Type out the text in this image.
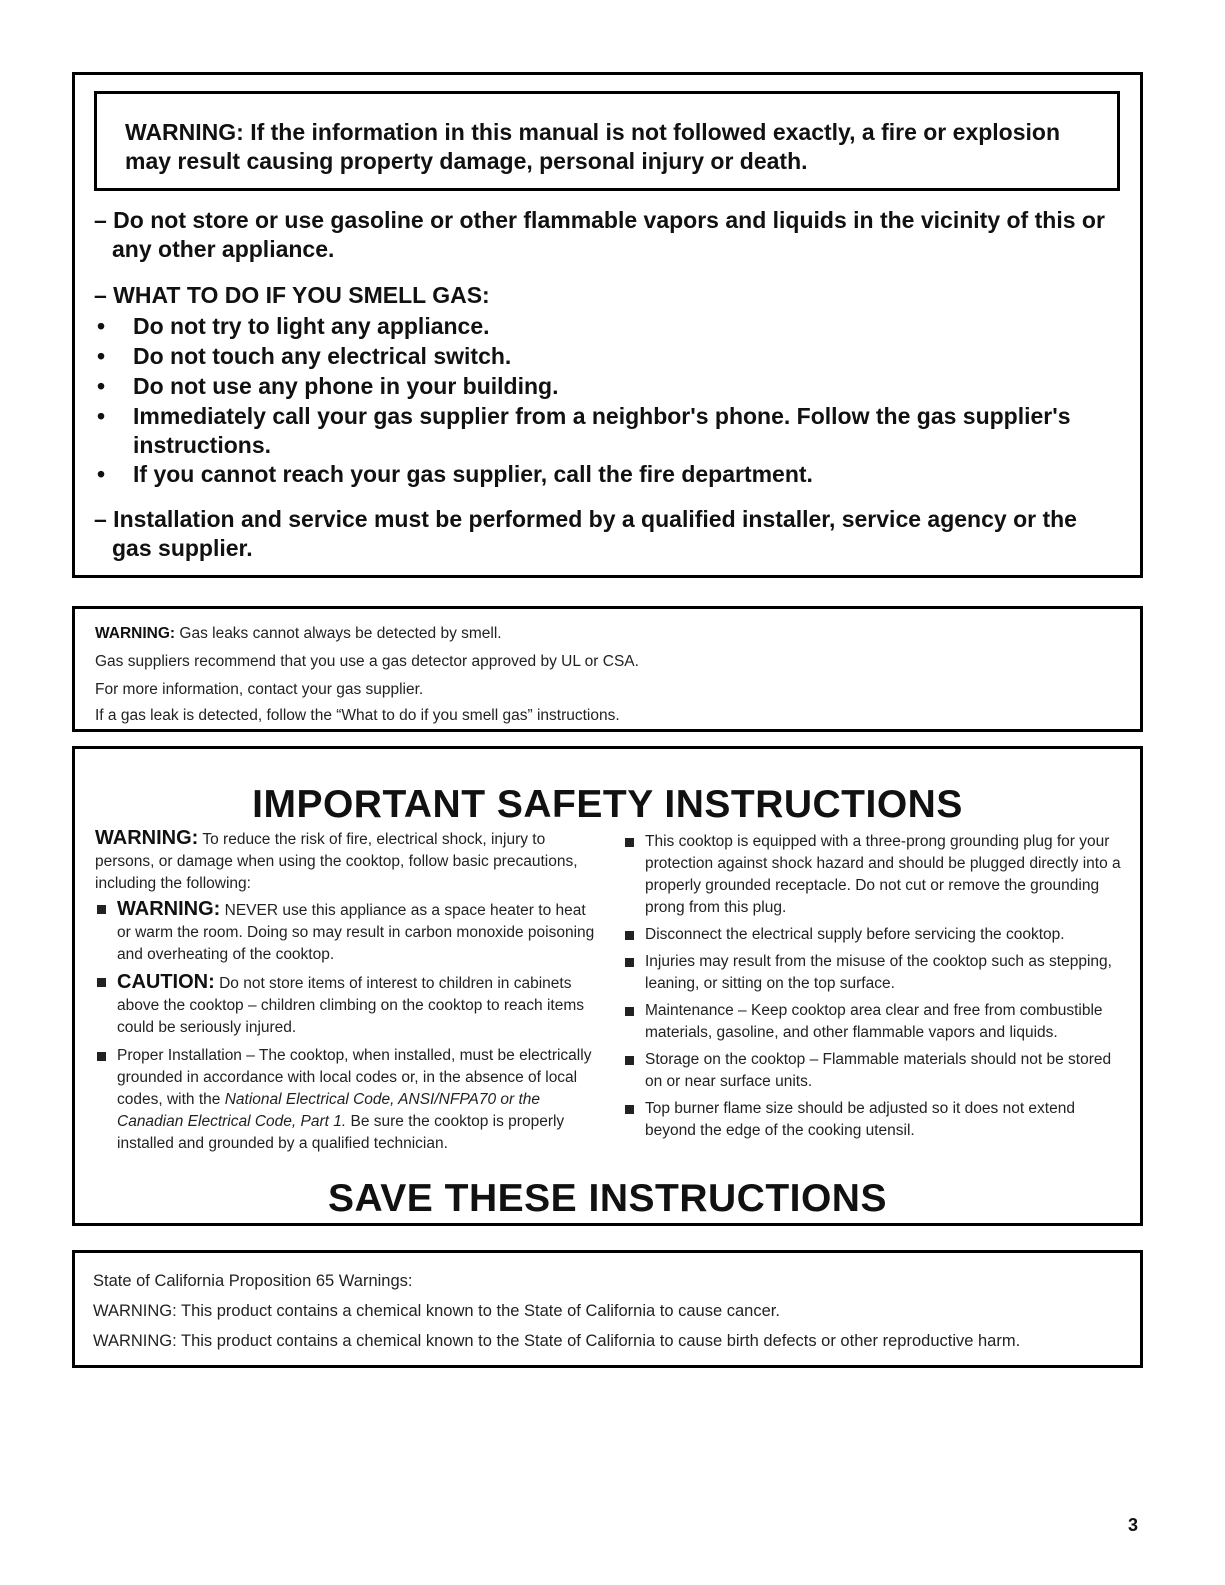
WARNING: If the information in this manual is not followed exactly, a fire or explosion
may result causing property damage, personal injury or death.
– Do not store or use gasoline or other flammable vapors and liquids in the vicinity of this or any other appliance.
– WHAT TO DO IF YOU SMELL GAS:
• Do not try to light any appliance.
• Do not touch any electrical switch.
• Do not use any phone in your building.
• Immediately call your gas supplier from a neighbor's phone. Follow the gas supplier's instructions.
• If you cannot reach your gas supplier, call the fire department.
– Installation and service must be performed by a qualified installer, service agency or the gas supplier.
WARNING: Gas leaks cannot always be detected by smell.
Gas suppliers recommend that you use a gas detector approved by UL or CSA.
For more information, contact your gas supplier.
If a gas leak is detected, follow the “What to do if you smell gas” instructions.
IMPORTANT SAFETY INSTRUCTIONS

WARNING: To reduce the risk of fire, electrical shock, injury to persons, or damage when using the cooktop, follow basic precautions, including the following:

WARNING: NEVER use this appliance as a space heater to heat or warm the room. Doing so may result in carbon monoxide poisoning and overheating of the cooktop.

CAUTION: Do not store items of interest to children in cabinets above the cooktop – children climbing on the cooktop to reach items could be seriously injured.

Proper Installation – The cooktop, when installed, must be electrically grounded in accordance with local codes or, in the absence of local codes, with the National Electrical Code, ANSI/NFPA70 or the Canadian Electrical Code, Part 1. Be sure the cooktop is properly installed and grounded by a qualified technician.

This cooktop is equipped with a three-prong grounding plug for your protection against shock hazard and should be plugged directly into a properly grounded receptacle. Do not cut or remove the grounding prong from this plug.

Disconnect the electrical supply before servicing the cooktop.

Injuries may result from the misuse of the cooktop such as stepping, leaning, or sitting on the top surface.

Maintenance – Keep cooktop area clear and free from combustible materials, gasoline, and other flammable vapors and liquids.

Storage on the cooktop – Flammable materials should not be stored on or near surface units.

Top burner flame size should be adjusted so it does not extend beyond the edge of the cooking utensil.

SAVE THESE INSTRUCTIONS
State of California Proposition 65 Warnings:
WARNING: This product contains a chemical known to the State of California to cause cancer.
WARNING: This product contains a chemical known to the State of California to cause birth defects or other reproductive harm.
3
